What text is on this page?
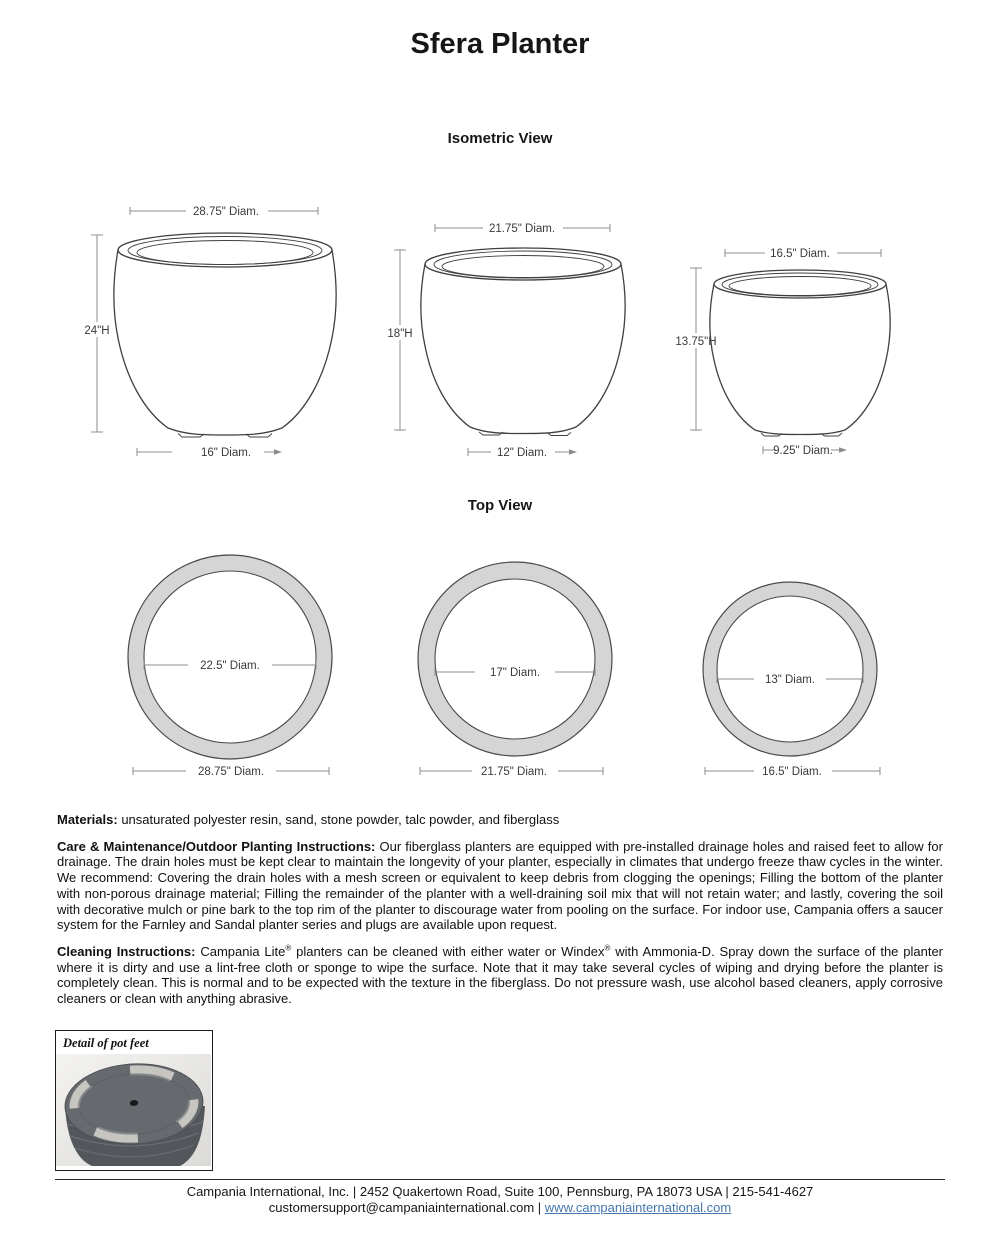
Sfera Planter
Isometric View
28.75" Diam.
24"H
16" Diam.
21.75" Diam.
18"H
12" Diam.
16.5" Diam.
13.75"H
9.25" Diam.
Top View
22.5" Diam.
28.75" Diam.
17" Diam.
21.75" Diam.
13" Diam.
16.5" Diam.

Materials: unsaturated polyester resin, sand, stone powder, talc powder, and fiberglass

Care & Maintenance/Outdoor Planting Instructions: Our fiberglass planters are equipped with pre-installed drainage holes and raised feet to allow for drainage. The drain holes must be kept clear to maintain the longevity of your planter, especially in climates that undergo freeze thaw cycles in the winter. We recommend: Covering the drain holes with a mesh screen or equivalent to keep debris from clogging the openings; Filling the bottom of the planter with non-porous drainage material; Filling the remainder of the planter with a well-draining soil mix that will not retain water; and lastly, covering the soil with decorative mulch or pine bark to the top rim of the planter to discourage water from pooling on the surface. For indoor use, Campania offers a saucer system for the Farnley and Sandal planter series and plugs are available upon request.

Cleaning Instructions: Campania Lite® planters can be cleaned with either water or Windex® with Ammonia-D. Spray down the surface of the planter where it is dirty and use a lint-free cloth or sponge to wipe the surface. Note that it may take several cycles of wiping and drying before the planter is completely clean. This is normal and to be expected with the texture in the fiberglass. Do not pressure wash, use alcohol based cleaners, apply corrosive cleaners or clean with anything abrasive.

Detail of pot feet
Campania International, Inc. | 2452 Quakertown Road, Suite 100, Pennsburg, PA 18073 USA | 215-541-4627
customersupport@campaniainternational.com | www.campaniainternational.com
